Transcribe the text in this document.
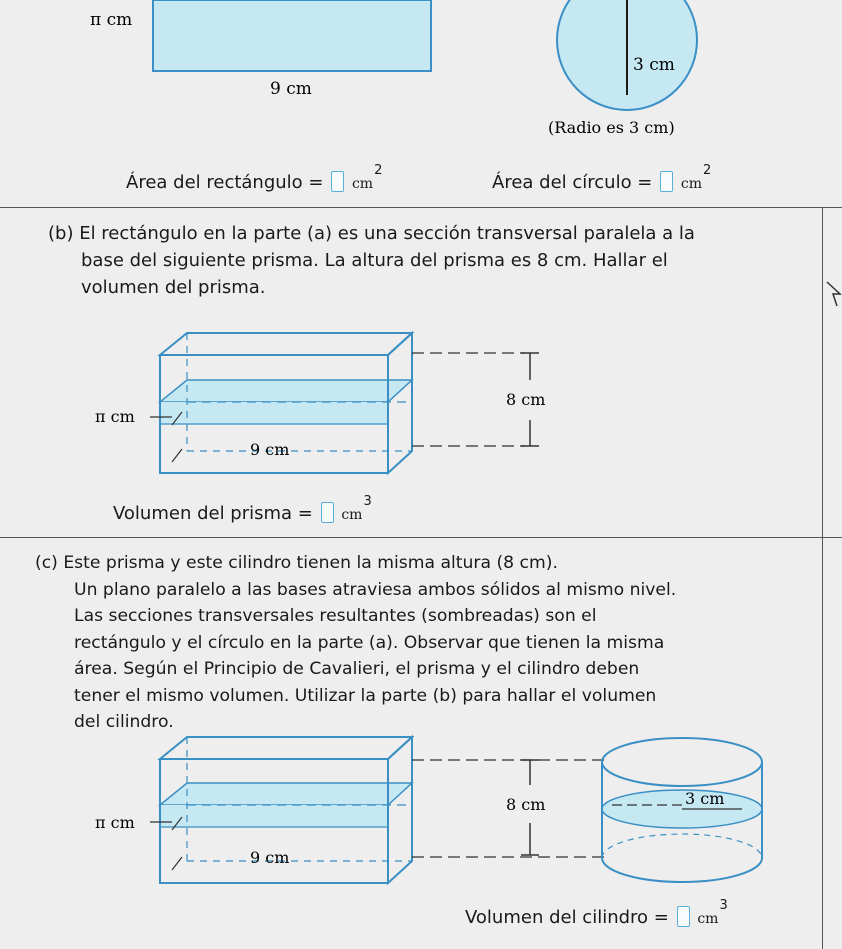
π cm
9 cm
3 cm
(Radio es 3 cm)
Área del rectángulo = $cm^2$
Área del círculo = $cm^2$
(b) El rectángulo en la parte (a) es una sección transversal paralela a la
base del siguiente prisma. La altura del prisma es 8 cm. Hallar el
volumen del prisma.
8 cm
π cm
9 cm
Volumen del prisma = $cm^3$
(c) Este prisma y este cilindro tienen la misma altura (8 cm).
Un plano paralelo a las bases atraviesa ambos sólidos al mismo nivel.
Las secciones transversales resultantes (sombreadas) son el
rectángulo y el círculo en la parte (a). Observar que tienen la misma
área. Según el Principio de Cavalieri, el prisma y el cilindro deben
tener el mismo volumen. Utilizar la parte (b) para hallar el volumen
del cilindro.
π cm
9 cm
8 cm	3 cm
Volumen del cilindro = $cm^3$
